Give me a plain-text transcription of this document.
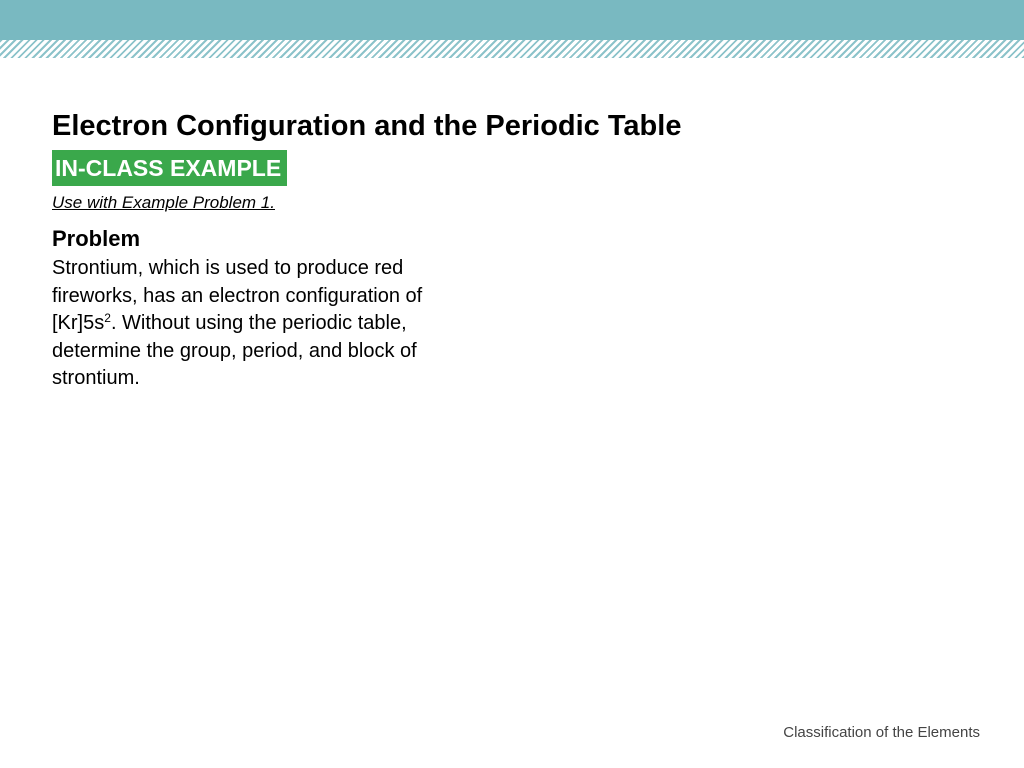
Electron Configuration and the Periodic Table
IN-CLASS EXAMPLE
Use with Example Problem 1.
Problem

Strontium, which is used to produce red fireworks, has an electron configuration of $[Kr]5s^2$. Without using the periodic table, determine the group, period, and block of strontium.

Classification of the Elements
